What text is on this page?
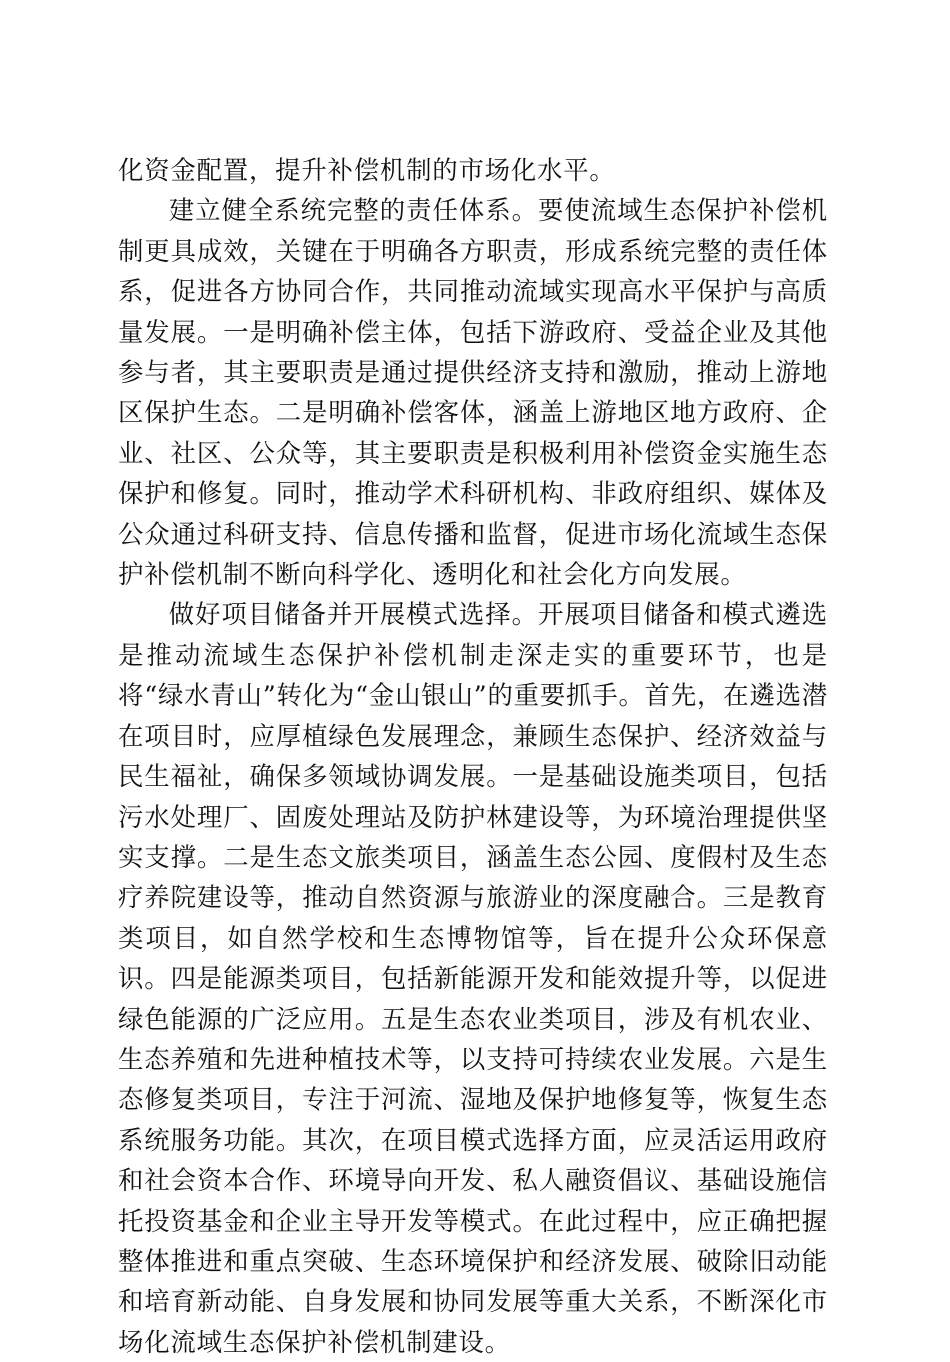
化资金配置，提升补偿机制的市场化水平。

建立健全系统完整的责任体系。要使流域生态保护补偿机制更具成效，关键在于明确各方职责，形成系统完整的责任体系，促进各方协同合作，共同推动流域实现高水平保护与高质量发展。一是明确补偿主体，包括下游政府、受益企业及其他参与者，其主要职责是通过提供经济支持和激励，推动上游地区保护生态。二是明确补偿客体，涵盖上游地区地方政府、企业、社区、公众等，其主要职责是积极利用补偿资金实施生态保护和修复。同时，推动学术科研机构、非政府组织、媒体及公众通过科研支持、信息传播和监督，促进市场化流域生态保护补偿机制不断向科学化、透明化和社会化方向发展。

做好项目储备并开展模式选择。开展项目储备和模式遴选是推动流域生态保护补偿机制走深走实的重要环节，也是将“绿水青山”转化为“金山银山”的重要抓手。首先，在遴选潜在项目时，应厚植绿色发展理念，兼顾生态保护、经济效益与民生福祉，确保多领域协调发展。一是基础设施类项目，包括污水处理厂、固废处理站及防护林建设等，为环境治理提供坚实支撑。二是生态文旅类项目，涵盖生态公园、度假村及生态疗养院建设等，推动自然资源与旅游业的深度融合。三是教育类项目，如自然学校和生态博物馆等，旨在提升公众环保意识。四是能源类项目，包括新能源开发和能效提升等，以促进绿色能源的广泛应用。五是生态农业类项目，涉及有机农业、生态养殖和先进种植技术等，以支持可持续农业发展。六是生态修复类项目，专注于河流、湿地及保护地修复等，恢复生态系统服务功能。其次，在项目模式选择方面，应灵活运用政府和社会资本合作、环境导向开发、私人融资倡议、基础设施信托投资基金和企业主导开发等模式。在此过程中，应正确把握整体推进和重点突破、生态环境保护和经济发展、破除旧动能和培育新动能、自身发展和协同发展等重大关系，不断深化市场化流域生态保护补偿机制建设。
